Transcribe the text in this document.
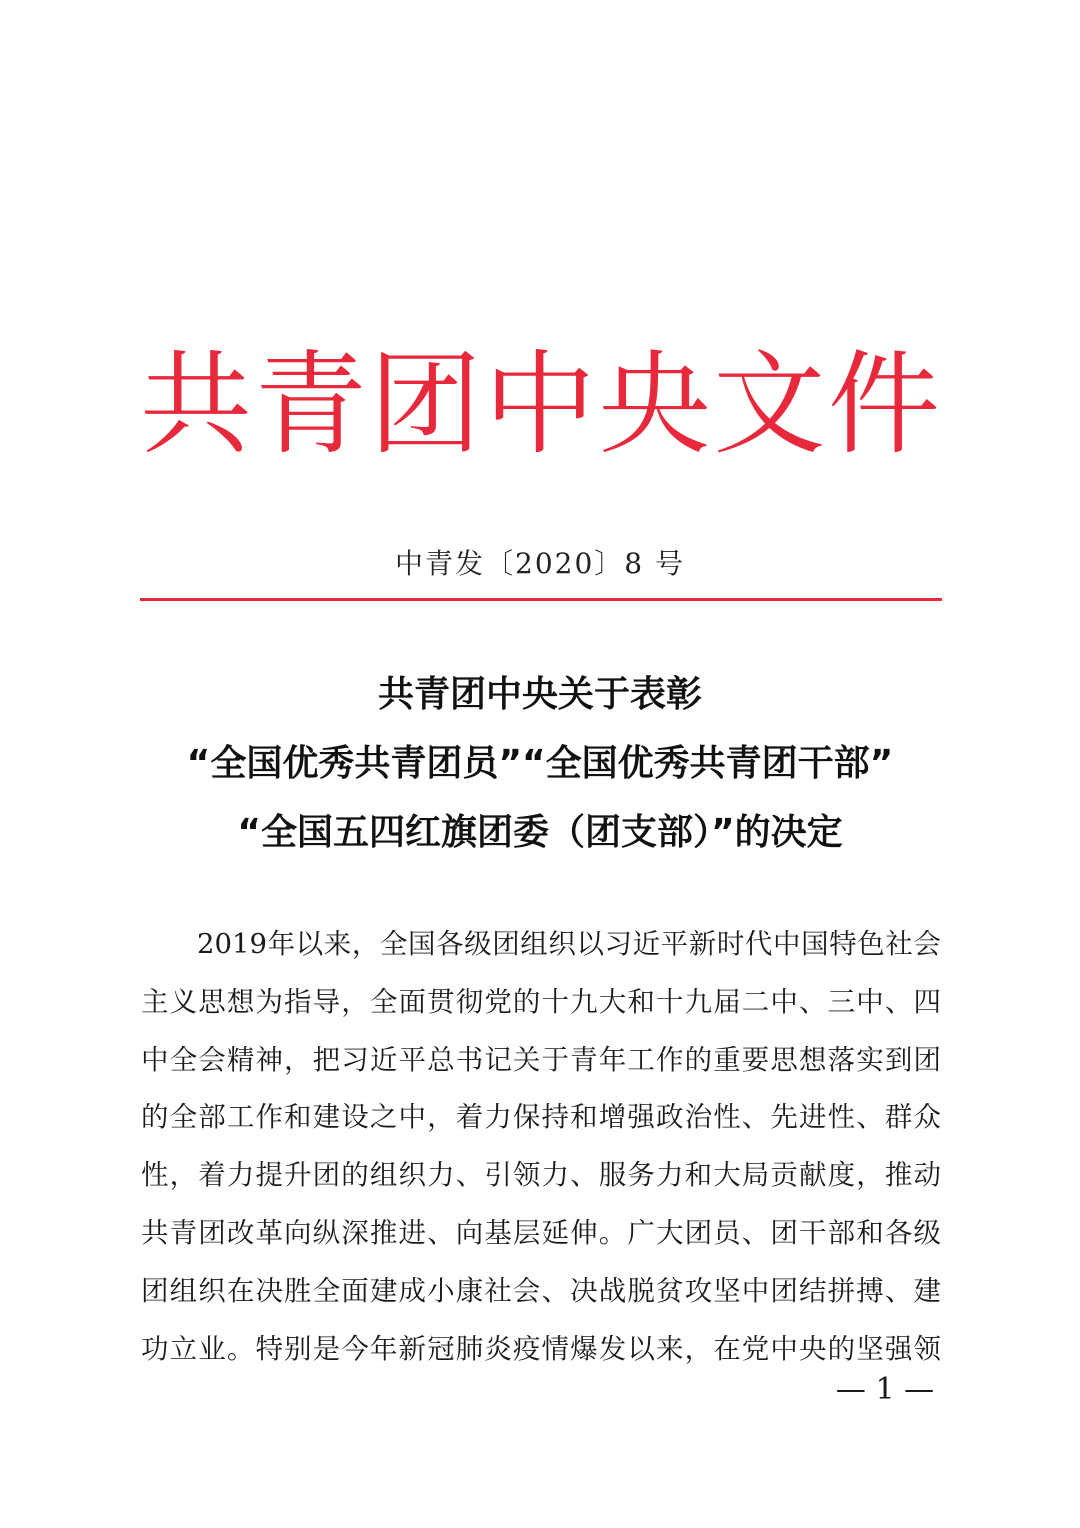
共 青 团 中 央 文 件
中青发〔2020〕8 号
共青团中央关于表彰
“全国优秀共青团员”“全国优秀共青团干部”
“全国五四红旗团委（团支部）”的决定
2019 年 以 来 ， 全 国 各 级 团 组 织 以 习 近 平 新 时 代 中 国 特 色 社 会
主 义 思 想 为 指 导 ， 全 面 贯 彻 党 的 十 九 大 和 十 九 届 二 中 、 三 中 、 四
中 全 会 精 神 ， 把 习 近 平 总 书 记 关 于 青 年 工 作 的 重 要 思 想 落 实 到 团
的 全 部 工 作 和 建 设 之 中 ， 着 力 保 持 和 增 强 政 治 性 、 先 进 性 、 群 众
性 ， 着 力 提 升 团 的 组 织 力 、 引 领 力 、 服 务 力 和 大 局 贡 献 度 ， 推 动
共 青 团 改 革 向 纵 深 推 进 、 向 基 层 延 伸 。 广 大 团 员 、 团 干 部 和 各 级
团 组 织 在 决 胜 全 面 建 成 小 康 社 会 、 决 战 脱 贫 攻 坚 中 团 结 拼 搏 、 建
功 立 业 。 特 别 是 今 年 新 冠 肺 炎 疫 情 爆 发 以 来 ， 在 党 中 央 的 坚 强 领
— 1 —
